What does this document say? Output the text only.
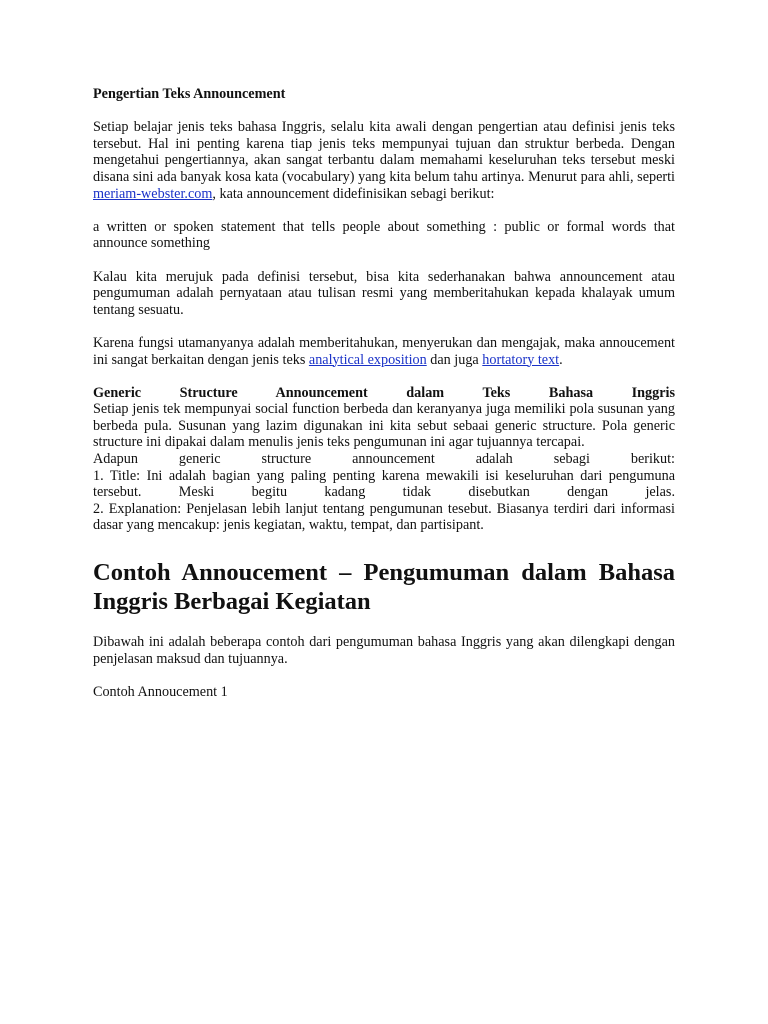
Pengertian Teks Announcement

Setiap belajar jenis teks bahasa Inggris, selalu kita awali dengan pengertian atau definisi jenis teks tersebut. Hal ini penting karena tiap jenis teks mempunyai tujuan dan struktur berbeda. Dengan mengetahui pengertiannya, akan sangat terbantu dalam memahami keseluruhan teks tersebut meski disana sini ada banyak kosa kata (vocabulary) yang kita belum tahu artinya. Menurut para ahli, seperti meriam-webster.com, kata announcement didefinisikan sebagi berikut:

a written or spoken statement that tells people about something : public or formal words that announce something

Kalau kita merujuk pada definisi tersebut, bisa kita sederhanakan bahwa announcement atau pengumuman adalah pernyataan atau tulisan resmi yang memberitahukan kepada khalayak umum tentang sesuatu.

Karena fungsi utamanyanya adalah memberitahukan, menyerukan dan mengajak, maka annoucement ini sangat berkaitan dengan jenis teks analytical exposition dan juga hortatory text.

Generic Structure Announcement dalam Teks Bahasa Inggris
Setiap jenis tek mempunyai social function berbeda dan keranyanya juga memiliki pola susunan yang berbeda pula. Susunan yang lazim digunakan ini kita sebut sebaai generic structure. Pola generic structure ini dipakai dalam menulis jenis teks pengumunan ini agar tujuannya tercapai.
Adapun generic structure announcement adalah sebagi berikut:
1. Title: Ini adalah bagian yang paling penting karena mewakili isi keseluruhan dari pengumuna tersebut. Meski begitu kadang tidak disebutkan dengan jelas.
2. Explanation: Penjelasan lebih lanjut tentang pengumunan tesebut. Biasanya terdiri dari informasi dasar yang mencakup: jenis kegiatan, waktu, tempat, dan partisipant.
Contoh Annoucement – Pengumuman dalam Bahasa Inggris Berbagai Kegiatan

Dibawah ini adalah beberapa contoh dari pengumuman bahasa Inggris yang akan dilengkapi dengan penjelasan maksud dan tujuannya.

Contoh Annoucement 1
